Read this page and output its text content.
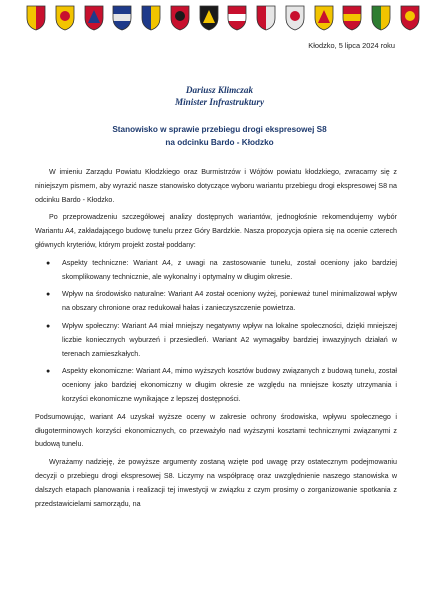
Kłodzko, 5 lipca 2024 roku
Dariusz Klimczak
Minister Infrastruktury
Stanowisko w sprawie przebiegu drogi ekspresowej S8
na odcinku Bardo - Kłodzko

W imieniu Zarządu Powiatu Kłodzkiego oraz Burmistrzów i Wójtów powiatu kłodzkiego, zwracamy się z niniejszym pismem, aby wyrazić nasze stanowisko dotyczące wyboru wariantu przebiegu drogi ekspresowej S8 na odcinku Bardo - Kłodzko.

Po przeprowadzeniu szczegółowej analizy dostępnych wariantów, jednogłośnie rekomendujemy wybór Wariantu A4, zakładającego budowę tunelu przez Góry Bardzkie. Nasza propozycja opiera się na ocenie czterech głównych kryteriów, którym projekt został poddany:

● Aspekty techniczne: Wariant A4, z uwagi na zastosowanie tunelu, został oceniony jako bardziej skomplikowany technicznie, ale wykonalny i optymalny w długim okresie.
● Wpływ na środowisko naturalne: Wariant A4 został oceniony wyżej, ponieważ tunel minimalizował wpływ na obszary chronione oraz redukował hałas i zanieczyszczenie powietrza.
● Wpływ społeczny: Wariant A4 miał mniejszy negatywny wpływ na lokalne społeczności, dzięki mniejszej liczbie koniecznych wyburzeń i przesiedleń. Wariant A2 wymagałby bardziej inwazyjnych działań w terenach zamieszkałych.
● Aspekty ekonomiczne: Wariant A4, mimo wyższych kosztów budowy związanych z budową tunelu, został oceniony jako bardziej ekonomiczny w długim okresie ze względu na mniejsze koszty utrzymania i korzyści ekonomiczne wynikające z lepszej dostępności.

Podsumowując, wariant A4 uzyskał wyższe oceny w zakresie ochrony środowiska, wpływu społecznego i długoterminowych korzyści ekonomicznych, co przeważyło nad wyższymi kosztami technicznymi związanymi z budową tunelu.

Wyrażamy nadzieję, że powyższe argumenty zostaną wzięte pod uwagę przy ostatecznym podejmowaniu decyzji o przebiegu drogi ekspresowej S8. Liczymy na współpracę oraz uwzględnienie naszego stanowiska w dalszych etapach planowania i realizacji tej inwestycji w związku z czym prosimy o zorganizowanie spotkania z przedstawicielami samorządu, na
